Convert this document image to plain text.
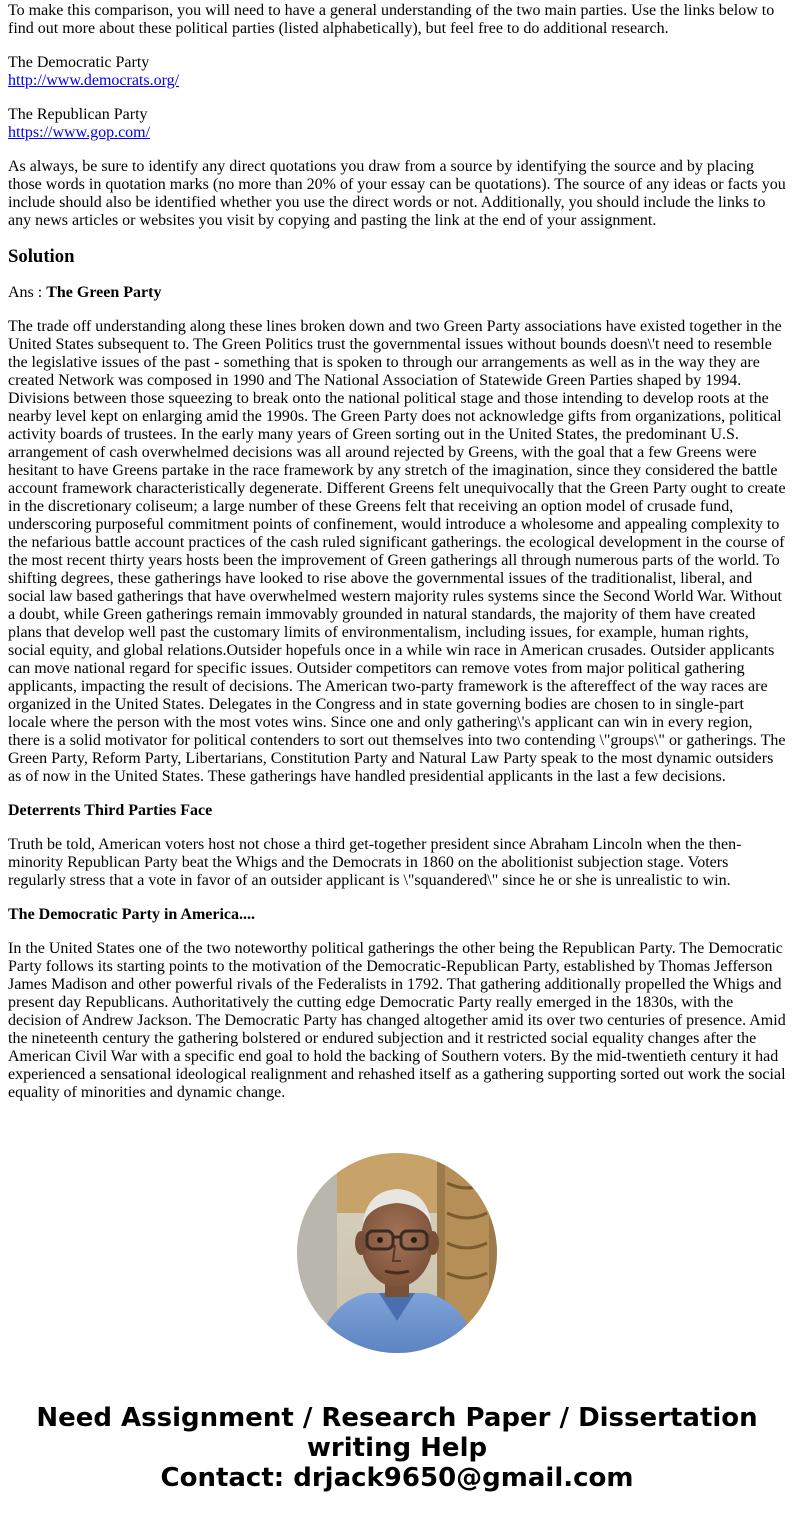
To make this comparison, you will need to have a general understanding of the two main parties. Use the links below to find out more about these political parties (listed alphabetically), but feel free to do additional research.

The Democratic Party
http://www.democrats.org/

The Republican Party
https://www.gop.com/

As always, be sure to identify any direct quotations you draw from a source by identifying the source and by placing those words in quotation marks (no more than 20% of your essay can be quotations). The source of any ideas or facts you include should also be identified whether you use the direct words or not. Additionally, you should include the links to any news articles or websites you visit by copying and pasting the link at the end of your assignment.

Solution

Ans : The Green Party

The trade off understanding along these lines broken down and two Green Party associations have existed together in the United States subsequent to. The Green Politics trust the governmental issues without bounds doesn\'t need to resemble the legislative issues of the past - something that is spoken to through our arrangements as well as in the way they are created Network was composed in 1990 and The National Association of Statewide Green Parties shaped by 1994. Divisions between those squeezing to break onto the national political stage and those intending to develop roots at the nearby level kept on enlarging amid the 1990s. The Green Party does not acknowledge gifts from organizations, political activity boards of trustees. In the early many years of Green sorting out in the United States, the predominant U.S. arrangement of cash overwhelmed decisions was all around rejected by Greens, with the goal that a few Greens were hesitant to have Greens partake in the race framework by any stretch of the imagination, since they considered the battle account framework characteristically degenerate. Different Greens felt unequivocally that the Green Party ought to create in the discretionary coliseum; a large number of these Greens felt that receiving an option model of crusade fund, underscoring purposeful commitment points of confinement, would introduce a wholesome and appealing complexity to the nefarious battle account practices of the cash ruled significant gatherings. the ecological development in the course of the most recent thirty years hosts been the improvement of Green gatherings all through numerous parts of the world. To shifting degrees, these gatherings have looked to rise above the governmental issues of the traditionalist, liberal, and social law based gatherings that have overwhelmed western majority rules systems since the Second World War. Without a doubt, while Green gatherings remain immovably grounded in natural standards, the majority of them have created plans that develop well past the customary limits of environmentalism, including issues, for example, human rights, social equity, and global relations.Outsider hopefuls once in a while win race in American crusades. Outsider applicants can move national regard for specific issues. Outsider competitors can remove votes from major political gathering applicants, impacting the result of decisions. The American two-party framework is the aftereffect of the way races are organized in the United States. Delegates in the Congress and in state governing bodies are chosen to in single-part locale where the person with the most votes wins. Since one and only gathering\'s applicant can win in every region, there is a solid motivator for political contenders to sort out themselves into two contending \"groups\" or gatherings. The Green Party, Reform Party, Libertarians, Constitution Party and Natural Law Party speak to the most dynamic outsiders as of now in the United States. These gatherings have handled presidential applicants in the last a few decisions.

Deterrents Third Parties Face

Truth be told, American voters host not chose a third get-together president since Abraham Lincoln when the then-minority Republican Party beat the Whigs and the Democrats in 1860 on the abolitionist subjection stage. Voters regularly stress that a vote in favor of an outsider applicant is \"squandered\" since he or she is unrealistic to win.

The Democratic Party in America....

In the United States one of the two noteworthy political gatherings the other being the Republican Party. The Democratic Party follows its starting points to the motivation of the Democratic-Republican Party, established by Thomas Jefferson James Madison and other powerful rivals of the Federalists in 1792. That gathering additionally propelled the Whigs and present day Republicans. Authoritatively the cutting edge Democratic Party really emerged in the 1830s, with the decision of Andrew Jackson. The Democratic Party has changed altogether amid its over two centuries of presence. Amid the nineteenth century the gathering bolstered or endured subjection and it restricted social equality changes after the American Civil War with a specific end goal to hold the backing of Southern voters. By the mid-twentieth century it had experienced a sensational ideological realignment and rehashed itself as a gathering supporting sorted out work the social equality of minorities and dynamic change.

Need Assignment / Research Paper / Dissertation writing Help
Contact: drjack9650@gmail.com
